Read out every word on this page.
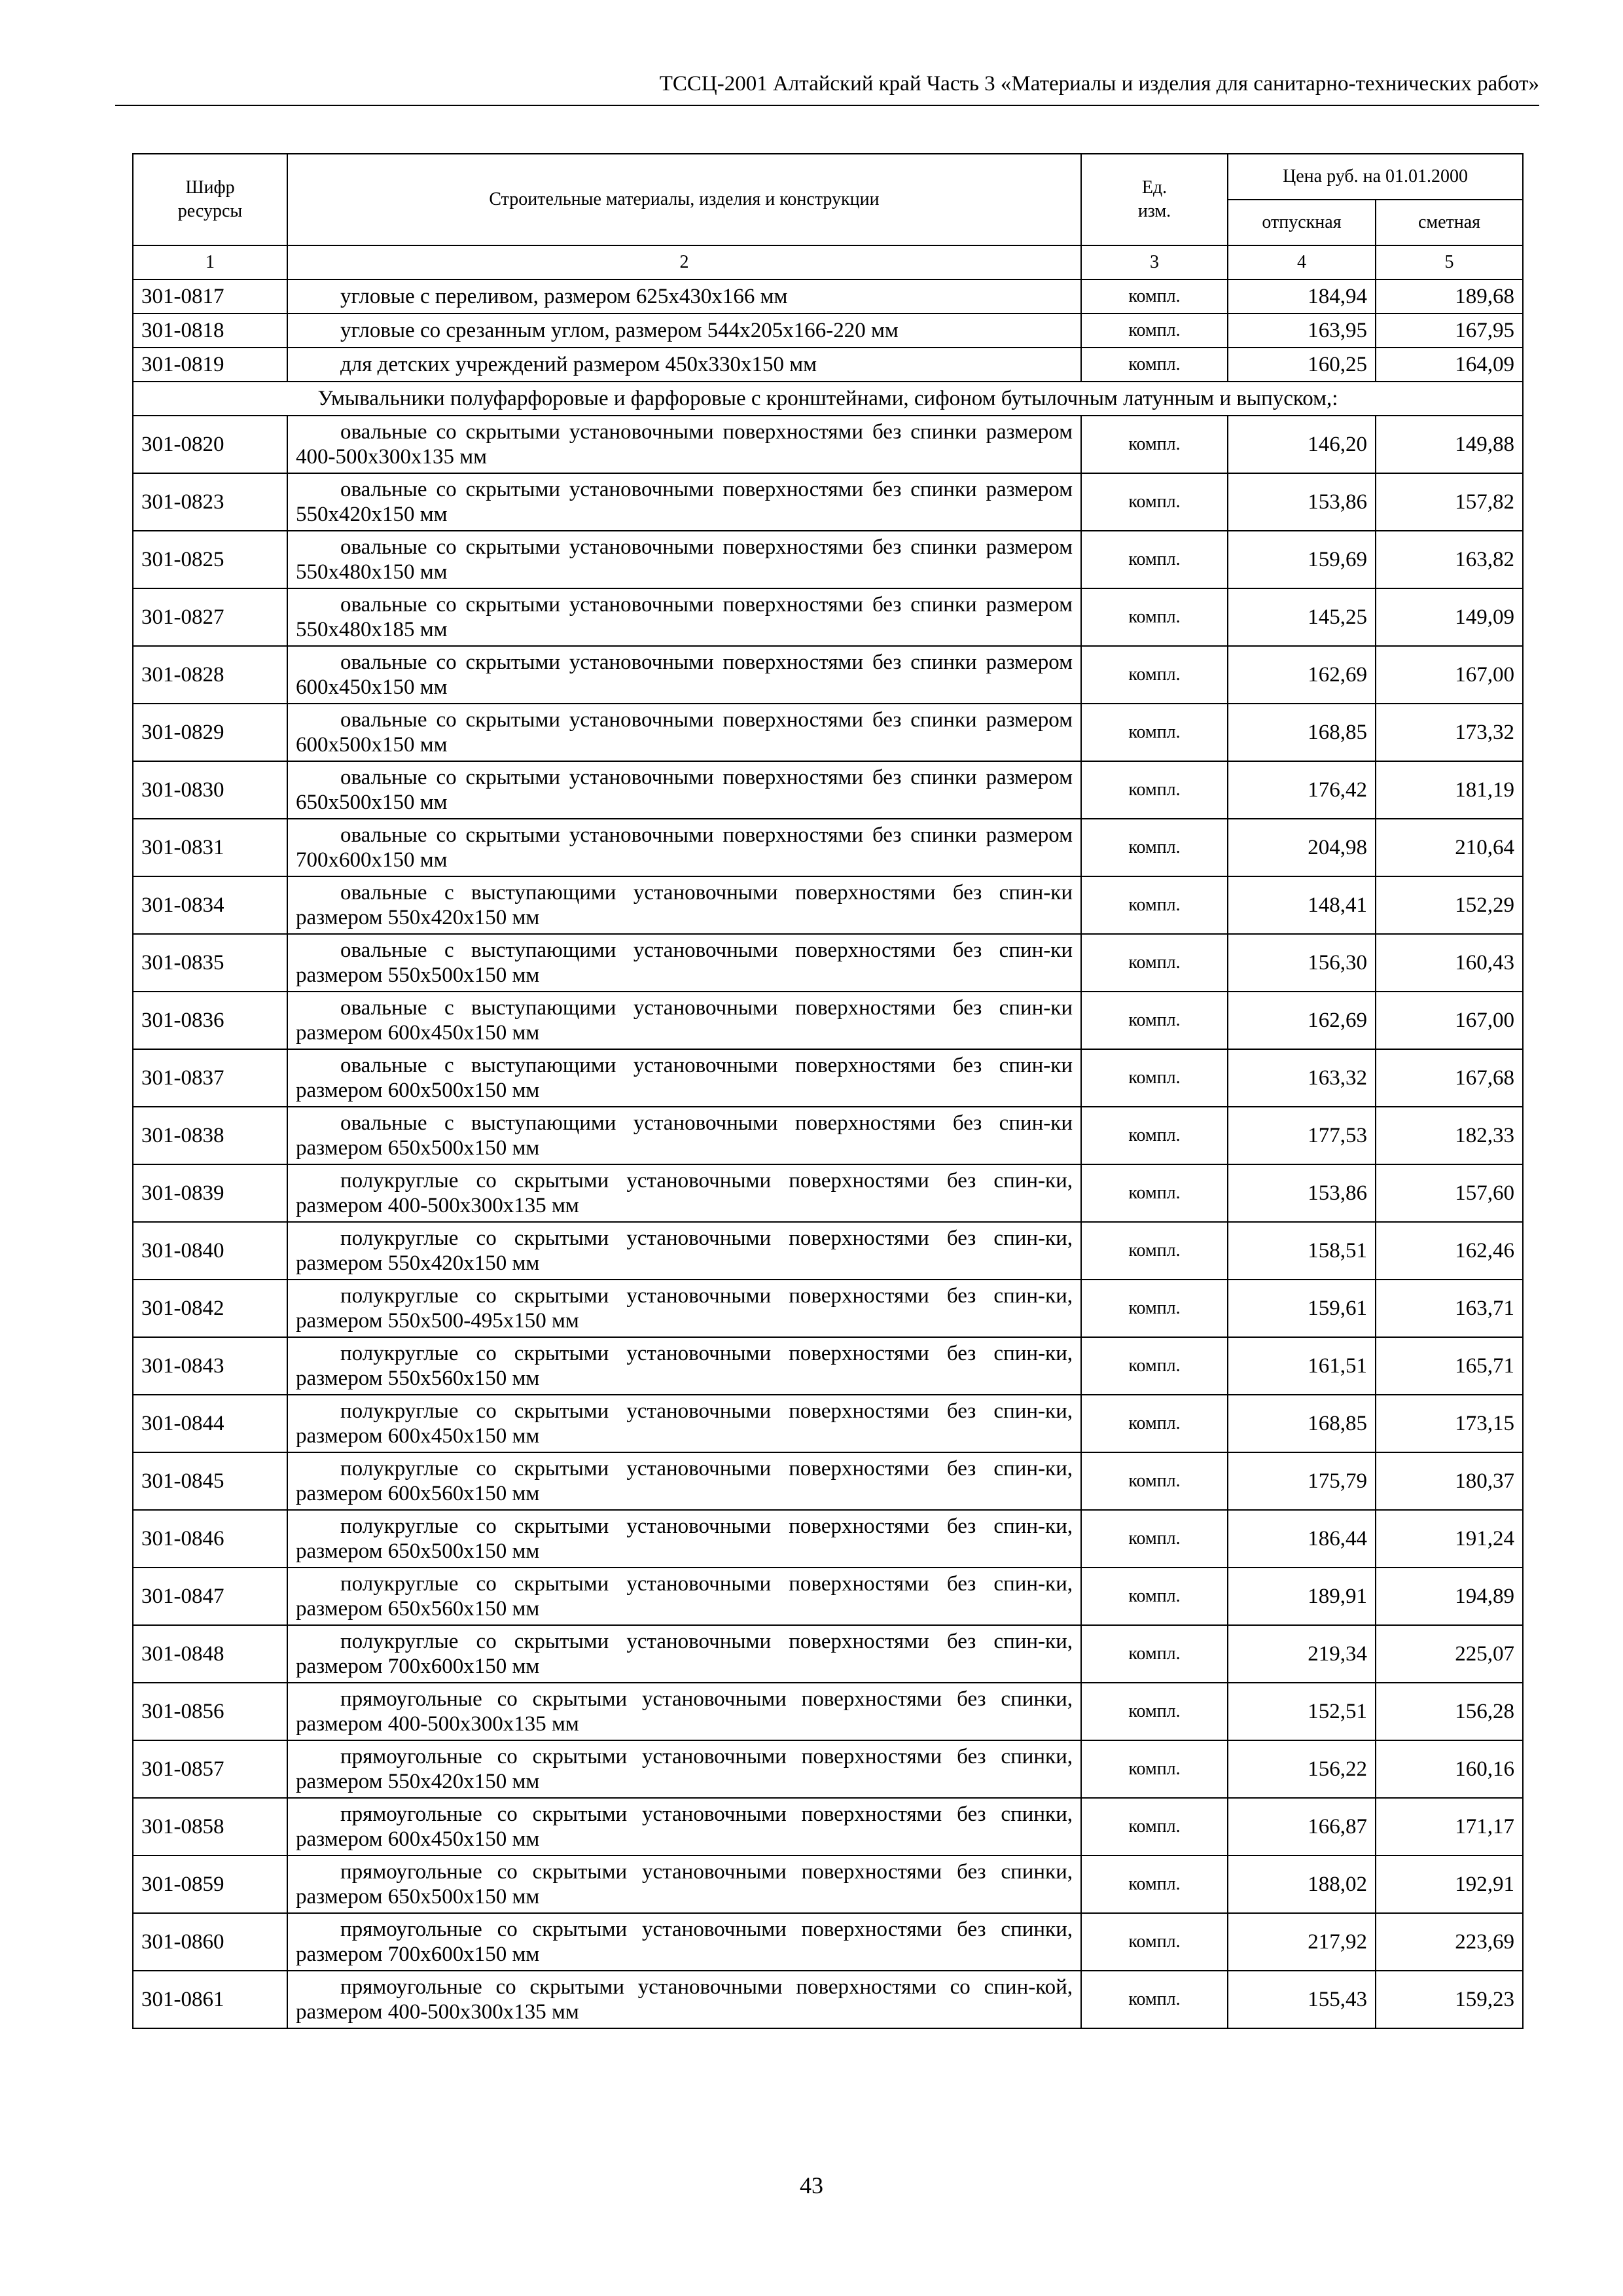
ТССЦ-2001 Алтайский край Часть 3 «Материалы и изделия для санитарно-технических работ»
Шифр ресурсы	Строительные материалы, изделия и конструкции	Ед. изм.	Цена руб. на 01.01.2000	
			отпускная	сметная
1	2	3	4	5
301-0817	угловые с переливом, размером 625х430х166 мм	компл.	184,94	189,68
301-0818	угловые со срезанным углом, размером 544х205х166-220 мм	компл.	163,95	167,95
301-0819	для детских учреждений размером 450х330х150 мм	компл.	160,25	164,09
Умывальники полуфарфоровые и фарфоровые с кронштейнами, сифоном бутылочным латунным и выпуском,:				
301-0820	овальные со скрытыми установочными поверхностями без спинки размером 400-500х300х135 мм	компл.	146,20	149,88
301-0823	овальные со скрытыми установочными поверхностями без спинки размером 550х420х150 мм	компл.	153,86	157,82
301-0825	овальные со скрытыми установочными поверхностями без спинки размером 550х480х150 мм	компл.	159,69	163,82
301-0827	овальные со скрытыми установочными поверхностями без спинки размером 550х480х185 мм	компл.	145,25	149,09
301-0828	овальные со скрытыми установочными поверхностями без спинки размером 600х450х150 мм	компл.	162,69	167,00
301-0829	овальные со скрытыми установочными поверхностями без спинки размером 600х500х150 мм	компл.	168,85	173,32
301-0830	овальные со скрытыми установочными поверхностями без спинки размером 650х500х150 мм	компл.	176,42	181,19
301-0831	овальные со скрытыми установочными поверхностями без спинки размером 700х600х150 мм	компл.	204,98	210,64
301-0834	овальные с выступающими установочными поверхностями без спин-ки размером 550х420х150 мм	компл.	148,41	152,29
301-0835	овальные с выступающими установочными поверхностями без спин-ки размером 550х500х150 мм	компл.	156,30	160,43
301-0836	овальные с выступающими установочными поверхностями без спин-ки размером 600х450х150 мм	компл.	162,69	167,00
301-0837	овальные с выступающими установочными поверхностями без спин-ки размером 600х500х150 мм	компл.	163,32	167,68
301-0838	овальные с выступающими установочными поверхностями без спин-ки размером 650х500х150 мм	компл.	177,53	182,33
301-0839	полукруглые со скрытыми установочными поверхностями без спин-ки, размером 400-500х300х135 мм	компл.	153,86	157,60
301-0840	полукруглые со скрытыми установочными поверхностями без спин-ки, размером 550х420х150 мм	компл.	158,51	162,46
301-0842	полукруглые со скрытыми установочными поверхностями без спин-ки, размером 550х500-495х150 мм	компл.	159,61	163,71
301-0843	полукруглые со скрытыми установочными поверхностями без спин-ки, размером 550х560х150 мм	компл.	161,51	165,71
301-0844	полукруглые со скрытыми установочными поверхностями без спин-ки, размером 600х450х150 мм	компл.	168,85	173,15
301-0845	полукруглые со скрытыми установочными поверхностями без спин-ки, размером 600х560х150 мм	компл.	175,79	180,37
301-0846	полукруглые со скрытыми установочными поверхностями без спин-ки, размером 650х500х150 мм	компл.	186,44	191,24
301-0847	полукруглые со скрытыми установочными поверхностями без спин-ки, размером 650х560х150 мм	компл.	189,91	194,89
301-0848	полукруглые со скрытыми установочными поверхностями без спин-ки, размером 700х600х150 мм	компл.	219,34	225,07
301-0856	прямоугольные со скрытыми установочными поверхностями без спинки, размером 400-500х300х135 мм	компл.	152,51	156,28
301-0857	прямоугольные со скрытыми установочными поверхностями без спинки, размером 550х420х150 мм	компл.	156,22	160,16
301-0858	прямоугольные со скрытыми установочными поверхностями без спинки, размером 600х450х150 мм	компл.	166,87	171,17
301-0859	прямоугольные со скрытыми установочными поверхностями без спинки, размером 650х500х150 мм	компл.	188,02	192,91
301-0860	прямоугольные со скрытыми установочными поверхностями без спинки, размером 700х600х150 мм	компл.	217,92	223,69
301-0861	прямоугольные со скрытыми установочными поверхностями со спин-кой, размером 400-500х300х135 мм	компл.	155,43	159,23
43
